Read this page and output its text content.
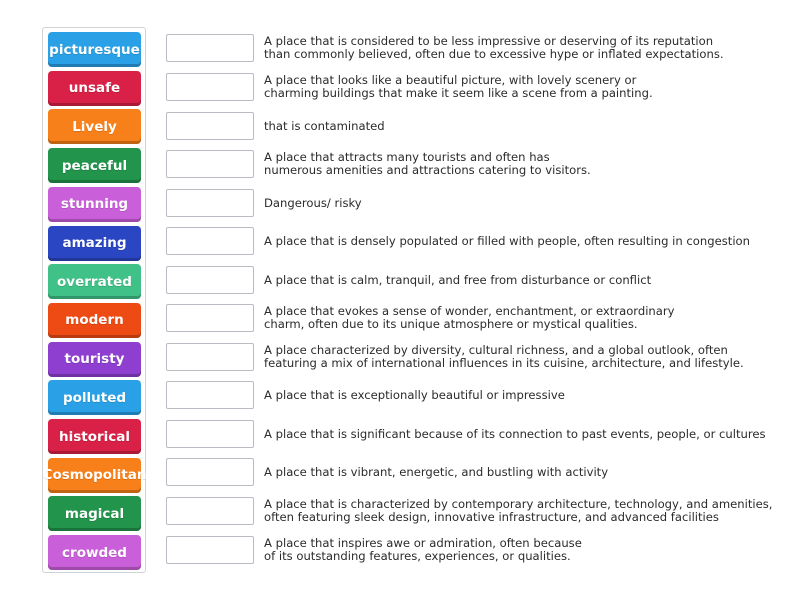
picturesque
unsafe
Lively
peaceful
stunning
amazing
overrated
modern
touristy
polluted
historical
Cosmopolitan
magical
crowded
A place that is considered to be less impressive or deserving of its reputation
than commonly believed, often due to excessive hype or inflated expectations.
A place that looks like a beautiful picture, with lovely scenery or
charming buildings that make it seem like a scene from a painting.
that is contaminated
A place that attracts many tourists and often has
numerous amenities and attractions catering to visitors.
Dangerous/ risky
A place that is densely populated or filled with people, often resulting in congestion
A place that is calm, tranquil, and free from disturbance or conflict
A place that evokes a sense of wonder, enchantment, or extraordinary
charm, often due to its unique atmosphere or mystical qualities.
A place characterized by diversity, cultural richness, and a global outlook, often
featuring a mix of international influences in its cuisine, architecture, and lifestyle.
A place that is exceptionally beautiful or impressive
A place that is significant because of its connection to past events, people, or cultures
A place that is vibrant, energetic, and bustling with activity
A place that is characterized by contemporary architecture, technology, and amenities,
often featuring sleek design, innovative infrastructure, and advanced facilities
A place that inspires awe or admiration, often because
of its outstanding features, experiences, or qualities.
